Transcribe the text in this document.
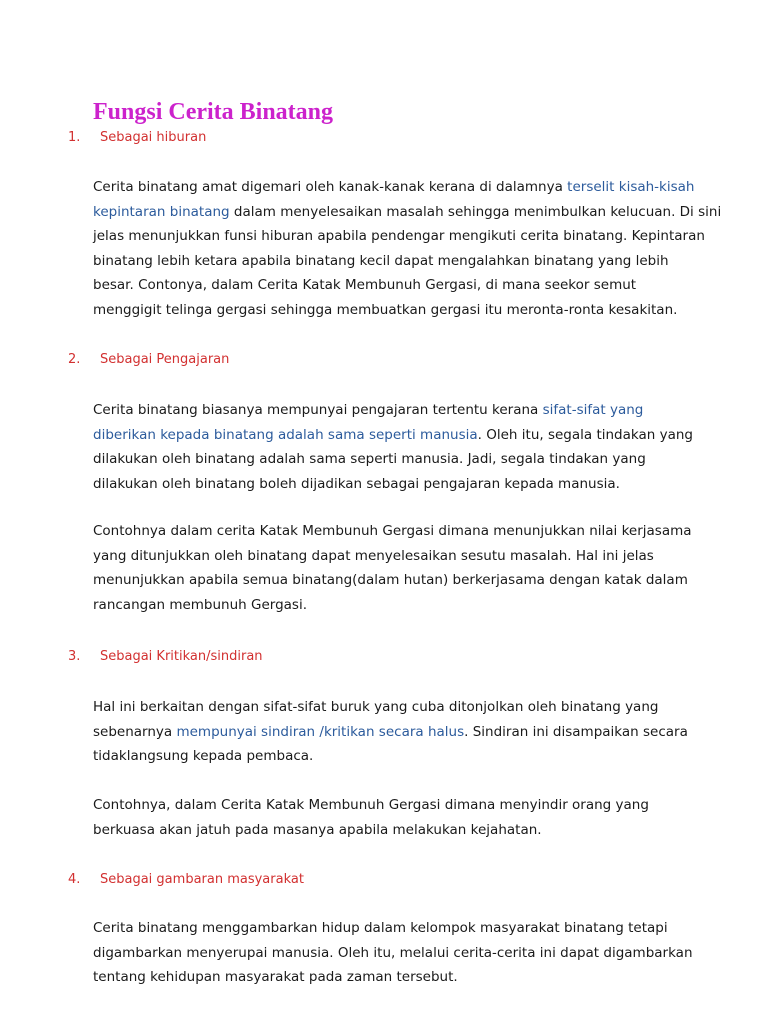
Fungsi Cerita Binatang
1. Sebagai hiburan
Cerita binatang amat digemari oleh kanak-kanak kerana di dalamnya terselit kisah-kisah
kepintaran binatang dalam menyelesaikan masalah sehingga menimbulkan kelucuan. Di sini
jelas menunjukkan funsi hiburan apabila pendengar mengikuti cerita binatang. Kepintaran
binatang lebih ketara apabila binatang kecil dapat mengalahkan binatang yang lebih
besar. Contonya, dalam Cerita Katak Membunuh Gergasi, di mana seekor semut
menggigit telinga gergasi sehingga membuatkan gergasi itu meronta-ronta kesakitan.
2. Sebagai Pengajaran
Cerita binatang biasanya mempunyai pengajaran tertentu kerana sifat-sifat yang
diberikan kepada binatang adalah sama seperti manusia. Oleh itu, segala tindakan yang
dilakukan oleh binatang adalah sama seperti manusia. Jadi, segala tindakan yang
dilakukan oleh binatang boleh dijadikan sebagai pengajaran kepada manusia.
Contohnya dalam cerita Katak Membunuh Gergasi dimana menunjukkan nilai kerjasama
yang ditunjukkan oleh binatang dapat menyelesaikan sesutu masalah. Hal ini jelas
menunjukkan apabila semua binatang(dalam hutan) berkerjasama dengan katak dalam
rancangan membunuh Gergasi.
3. Sebagai Kritikan/sindiran
Hal ini berkaitan dengan sifat-sifat buruk yang cuba ditonjolkan oleh binatang yang
sebenarnya mempunyai sindiran /kritikan secara halus. Sindiran ini disampaikan secara
tidaklangsung kepada pembaca.
Contohnya, dalam Cerita Katak Membunuh Gergasi dimana menyindir orang yang
berkuasa akan jatuh pada masanya apabila melakukan kejahatan.
4. Sebagai gambaran masyarakat
Cerita binatang menggambarkan hidup dalam kelompok masyarakat binatang tetapi
digambarkan menyerupai manusia. Oleh itu, melalui cerita-cerita ini dapat digambarkan
tentang kehidupan masyarakat pada zaman tersebut.
